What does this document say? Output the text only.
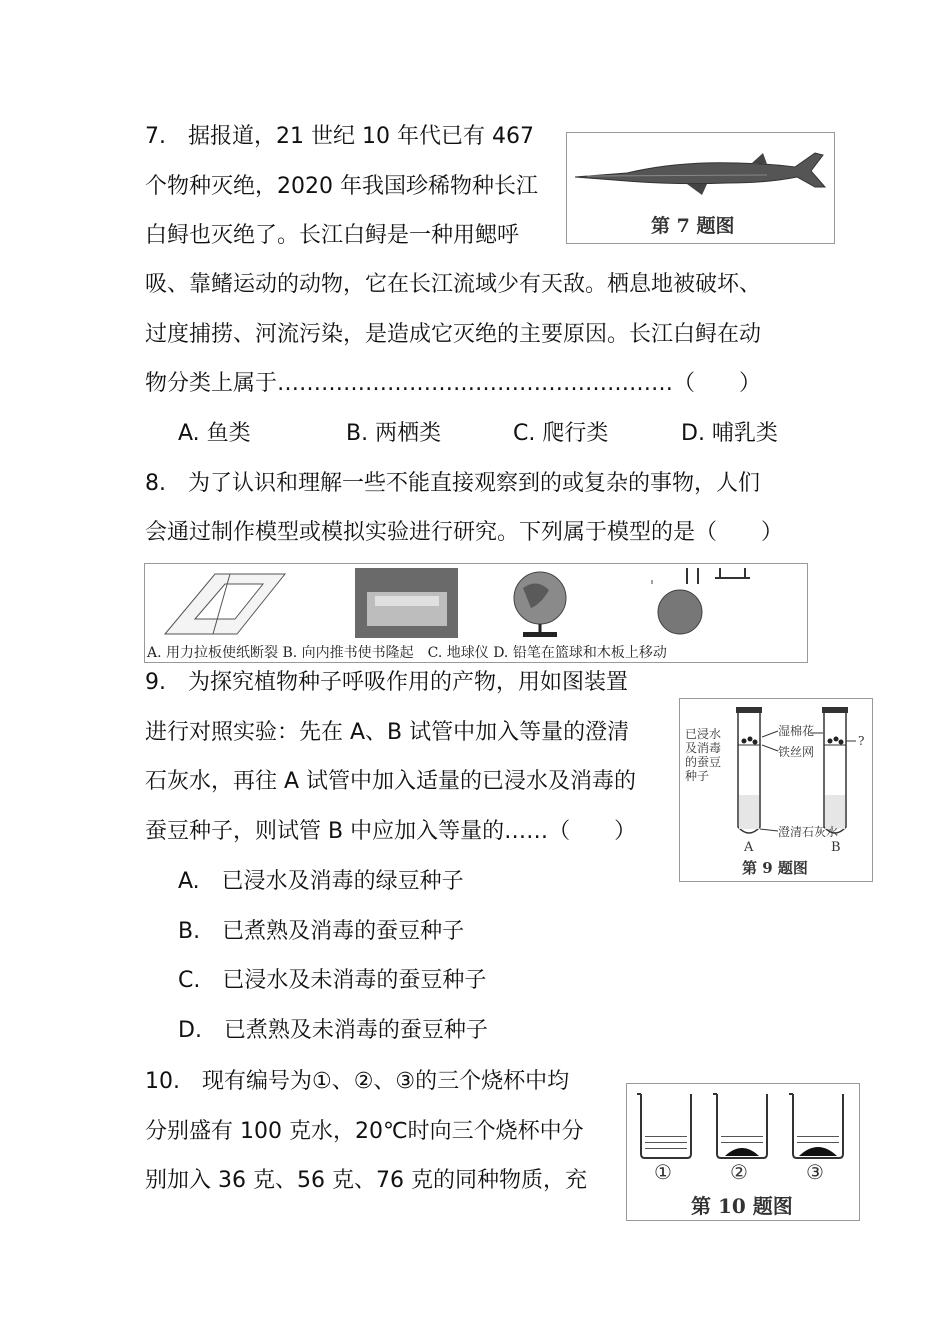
7.　据报道，21 世纪 10 年代已有 467
个物种灭绝，2020 年我国珍稀物种长江
白鲟也灭绝了。长江白鲟是一种用鳃呼	第 7 题图
吸、靠鳍运动的动物，它在长江流域少有天敌。栖息地被破坏、
过度捕捞、河流污染，是造成它灭绝的主要原因。长江白鲟在动
物分类上属于………………………………………………（　　）
A. 鱼类	B. 两栖类	C. 爬行类	D. 哺乳类
8.　为了认识和理解一些不能直接观察到的或复杂的事物，人们
会通过制作模型或模拟实验进行研究。下列属于模型的是（　　）
A. 用力拉板使纸断裂 B. 向内推书使书隆起　C. 地球仪 D. 铅笔在篮球和木板上移动
9.　为探究植物种子呼吸作用的产物，用如图装置
进行对照实验：先在 A、B 试管中加入等量的澄清
石灰水，再往 A 试管中加入适量的已浸水及消毒的
蚕豆种子，则试管 B 中应加入等量的……（　　）
已浸水
及消毒
的蚕豆
种子
湿棉花
铁丝网
?
澄清石灰水
A	B
第 9 题图
A.　已浸水及消毒的绿豆种子
B.　已煮熟及消毒的蚕豆种子
C.　已浸水及未消毒的蚕豆种子
D.　已煮熟及未消毒的蚕豆种子
10.　现有编号为①、②、③的三个烧杯中均
分别盛有 100 克水，20℃时向三个烧杯中分
别加入 36 克、56 克、76 克的同种物质，充	①	②	③
第 10 题图
